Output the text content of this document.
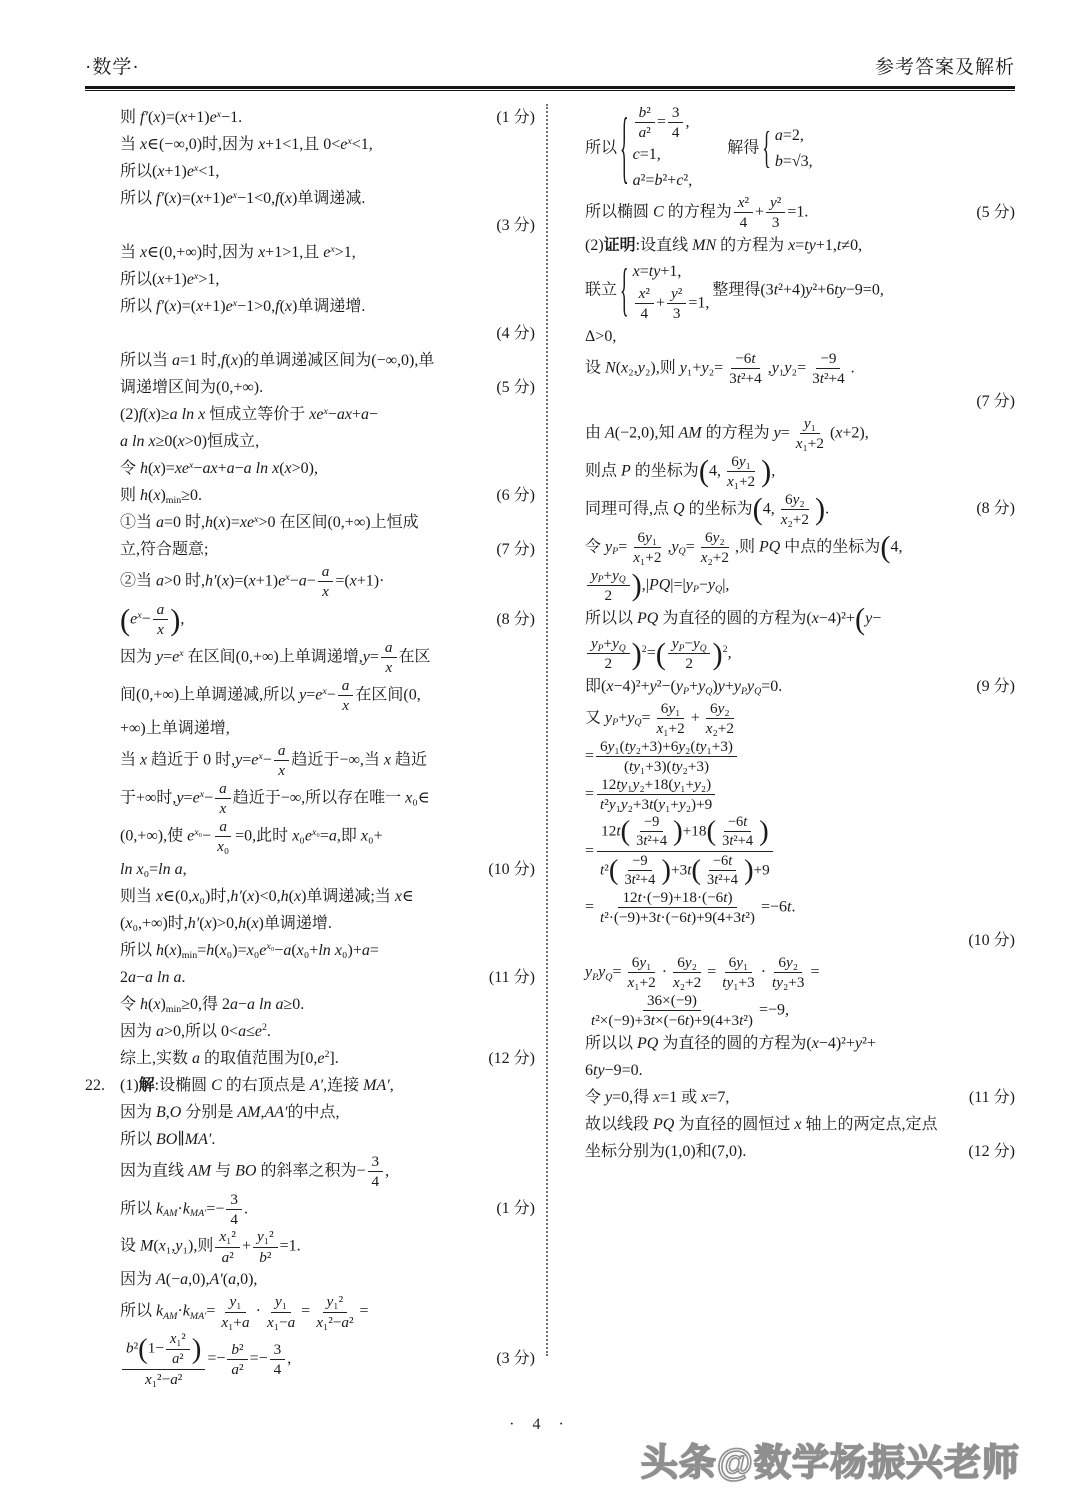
·数学·	参考答案及解析
则 $f'(x)=(x+1)e^x-1$.	(1 分)
当 x∈(−∞,0)时,因为 x+1<1,且 $0<e^x<1$,
所以$(x+1)e^x<1$,
所以 $f'(x)=(x+1)e^x-1<0,f(x)$单调递减.
(3 分)
当 x∈(0,+∞)时,因为 x+1>1,且 $e^x>1$,
所以$(x+1)e^x>1$,
所以 $f'(x)=(x+1)e^x-1>0,f(x)$单调递增.
(4 分)
所以当 a=1 时,f(x)的单调递减区间为(−∞,0),单
调递增区间为(0,+∞).	(5 分)
(2)f(x)≥a ln x 恒成立等价于 $xe^x-ax+a-$
a ln x≥0(x>0)恒成立,
令 $h(x)=xe^x-ax+a-a$ ln x(x>0),
则 h(x)min≥0.	(6 分)
①当 a=0 时$,h(x)=xe^x>0$ 在区间(0,+∞)上恒成
立,符合题意;	(7 分)
②当 a>0 时$,h'(x)=(x+1)e^x-a- \frac{a}{x} =(x+1)\cdot$
($e^x- \frac{a}{x}$ ),	(8 分)
因为 $y=e^x$ 在区间(0,+∞)上单调递增$,y= \frac{a}{x}$ 在区
间(0,+∞)上单调递减,所以 $y=e^x- \frac{a}{x}$ 在区间(0,
+∞)上单调递增,
当 x 趋近于 0 时$,y=e^x- \frac{a}{x}$ 趋近于−∞,当 x 趋近
于+∞时$,y=e^x- \frac{a}{x}$ 趋近于−∞,所以存在唯一 x₀∈
(0,+∞),使 $e^{x_0}- \frac{a}{\text{x₀}} =0$,此时 $x_0e^{x_0}=a$,即 x₀+
ln x₀=ln a,	(10 分)
则当 x∈(0,x₀)时,h′(x)<0,h(x)单调递减;当 x∈
(x₀,+∞)时,h′(x)>0,h(x)单调递增.
所以 $h(x)\min=h(x_0)=x_0e^{x_0}-a(x_0+\ln$ x₀)+a=
2a−a ln a.	(11 分)
令 h(x)min≥0,得 2a−a ln a≥0.
因为 a>0,所以 $0<a\le e^2$.
综上,实数 a 的取值范围为$[0,e^2]$.	(12 分)
22. (1)解:设椭圆 C 的右顶点是 A′,连接 MA′,
因为 B,O 分别是 AM,AA′的中点,
所以 BO∥MA′.
因为直线 AM 与 BO 的斜率之积为− $\frac{3}{4}$ ,
所以 $kAM\cdot kMA'=- \frac{3}{4}$ .	(1 分)
设 M(x₁,y₁),则 $\frac{\text{x₁²}}{\text{a²}} + \frac{\text{y₁²}}{\text{b²}} =1$.
因为 A(−a,0),A′(a,0),
所以 $kAM\cdot kMA'= \frac{\text{y₁}}{\text{x₁+a}} \cdot \frac{\text{y₁}}{\text{x₁−a}} = \frac{\text{y₁²}}{\text{x₁²−a²}}$ =
$\frac{b^2(1- \frac{\text{x₁²}}{\text{a²}} )}{\text{x₁²−a²}} =- \frac{\text{b²}}{\text{a²}} =- \frac{3}{4}$ ,	(3 分)
所以 { $\frac{\text{b²}}{\text{a²}} = \frac{3}{4}$ ,
c=1,
a²=b²+c²,
  解得 { a=2,
b=√3,
所以椭圆 C 的方程为 $\frac{\text{x²}}{4} + \frac{\text{y²}}{3} =1$.	(5 分)
(2)证明:设直线 MN 的方程为 x=ty+1,t≠0,
联立 { x=ty+1,
$\frac{\text{x²}}{4} + \frac{\text{y²}}{3} =1$,
整理得(3t²+4)y²+6ty−9=0,
Δ>0,
设 N(x₂,y₂),则 $y_1+y_2= \frac{-6t}{\text{3t²+4}} ,y_1y_2= \frac{-9}{\text{3t²+4}}$ .
(7 分)
由 A(−2,0),知 AM 的方程为 $y= \frac{\text{y₁}}{\text{x₁+2}} (x+2)$,
则点 P 的坐标为(4, $\frac{\text{6y₁}}{\text{x₁+2}}$ ),
同理可得,点 Q 的坐标为(4, $\frac{\text{6y₂}}{\text{x₂+2}}$ ).	(8 分)
令 $yP= \frac{\text{6y₁}}{\text{x₁+2}} ,yQ= \frac{\text{6y₂}}{\text{x₂+2}}$ ,则 PQ 中点的坐标为(4,
$\frac{yP+yQ}{2} ),|PQ|=|yP-yQ|$,
所以以 PQ 为直径的圆的方程为(x−4)²+(y−
$\frac{yP+yQ}{2} )^2=( \frac{yP-yQ}{2} )^2$,
即(x−4)²+y²−(yP+yQ)y+yPyQ=0.	(9 分)
又 $yP+yQ= \frac{\text{6y₁}}{\text{x₁+2}} + \frac{\text{6y₂}}{\text{x₂+2}}$
= $\frac{\text{6y₁(ty₂+3)+6y₂(ty₁+3)}}{\text{(ty₁+3)(ty₂+3)}}$
= $\frac{\text{12ty₁y₂+18(y₁+y₂)}}{\text{t²y₁y₂+3t(y₁+y₂)+9}}$
= $\frac{12t( \frac{-9}{\text{3t²+4}} )+18( \frac{-6t}{\text{3t²+4}} )}{t^2( \frac{-9}{\text{3t²+4}} )+3t( \frac{-6t}{\text{3t²+4}} )+9}$
= $\frac{12t\cdot(-9)+18\cdot(-6t)}{\text{t²·(−9)+3t·(−6t)+9(4+3t²)}} =-6t$.
(10 分)
yPyQ= $\frac{\text{6y₁}}{\text{x₁+2}} \cdot \frac{\text{6y₂}}{\text{x₂+2}} = \frac{\text{6y₁}}{\text{ty₁+3}} \cdot \frac{\text{6y₂}}{\text{ty₂+3}}$ =
$\frac{36\times(-9)}{\text{t²×(−9)+3t×(−6t)+9(4+3t²)}} =-9$,
所以以 PQ 为直径的圆的方程为(x−4)²+y²+
6ty−9=0.
令 y=0,得 x=1 或 x=7,	(11 分)
故以线段 PQ 为直径的圆恒过 x 轴上的两定点,定点
坐标分别为(1,0)和(7,0).	(12 分)
· 4 ·
头条@数学杨振兴老师
